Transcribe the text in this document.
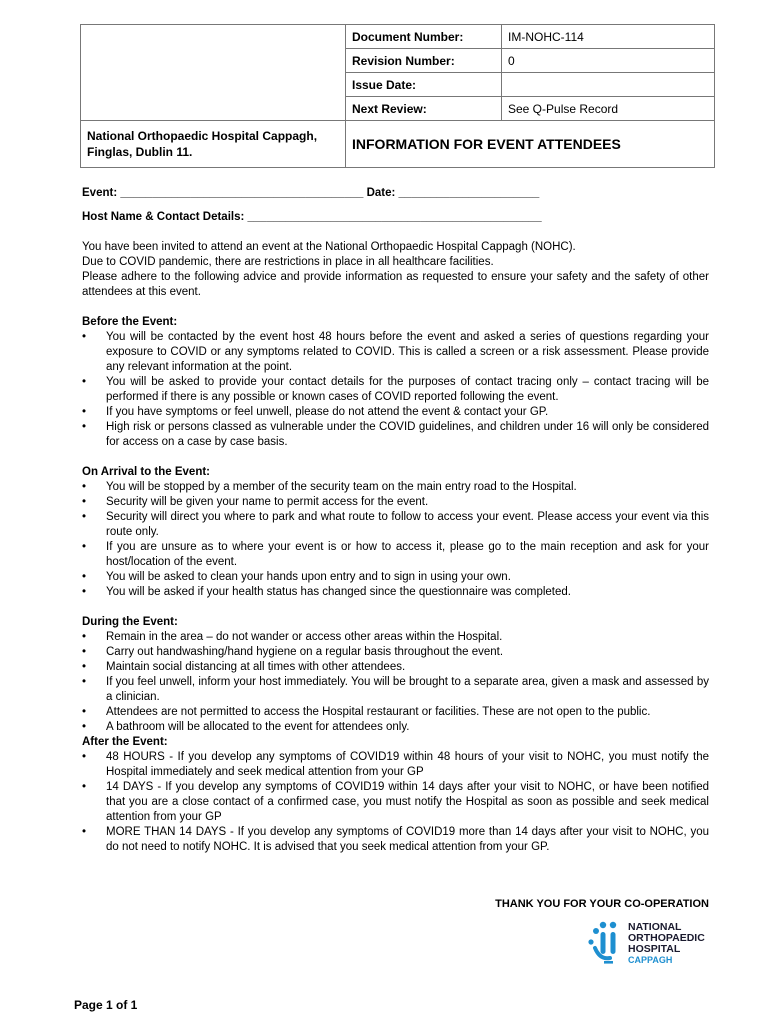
	Document Number:	IM-NOHC-114
	Revision Number:	0
	Issue Date:	
	Next Review:	See Q-Pulse Record
National Orthopaedic Hospital Cappagh, Finglas, Dublin 11.	INFORMATION FOR EVENT ATTENDEES	
Event: ______________________________________ Date: ______________________
Host Name & Contact Details: ______________________________________________

You have been invited to attend an event at the National Orthopaedic Hospital Cappagh (NOHC).

Due to COVID pandemic, there are restrictions in place in all healthcare facilities.

Please adhere to the following advice and provide information as requested to ensure your safety and the safety of other attendees at this event.

Before the Event:
• You will be contacted by the event host 48 hours before the event and asked a series of questions regarding your exposure to COVID or any symptoms related to COVID. This is called a screen or a risk assessment. Please provide any relevant information at the point.
• You will be asked to provide your contact details for the purposes of contact tracing only – contact tracing will be performed if there is any possible or known cases of COVID reported following the event.
• If you have symptoms or feel unwell, please do not attend the event & contact your GP.
• High risk or persons classed as vulnerable under the COVID guidelines, and children under 16 will only be considered for access on a case by case basis.
On Arrival to the Event:
• You will be stopped by a member of the security team on the main entry road to the Hospital.
• Security will be given your name to permit access for the event.
• Security will direct you where to park and what route to follow to access your event. Please access your event via this route only.
• If you are unsure as to where your event is or how to access it, please go to the main reception and ask for your host/location of the event.
• You will be asked to clean your hands upon entry and to sign in using your own.
• You will be asked if your health status has changed since the questionnaire was completed.
During the Event:
• Remain in the area – do not wander or access other areas within the Hospital.
• Carry out handwashing/hand hygiene on a regular basis throughout the event.
• Maintain social distancing at all times with other attendees.
• If you feel unwell, inform your host immediately. You will be brought to a separate area, given a mask and assessed by a clinician.
• Attendees are not permitted to access the Hospital restaurant or facilities. These are not open to the public.
• A bathroom will be allocated to the event for attendees only.
After the Event:
• 48 HOURS - If you develop any symptoms of COVID19 within 48 hours of your visit to NOHC, you must notify the Hospital immediately and seek medical attention from your GP
• 14 DAYS - If you develop any symptoms of COVID19 within 14 days after your visit to NOHC, or have been notified that you are a close contact of a confirmed case, you must notify the Hospital as soon as possible and seek medical attention from your GP
• MORE THAN 14 DAYS - If you develop any symptoms of COVID19 more than 14 days after your visit to NOHC, you do not need to notify NOHC. It is advised that you seek medical attention from your GP.
THANK YOU FOR YOUR CO-OPERATION
NATIONAL
ORTHOPAEDIC
HOSPITAL
CAPPAGH
Page 1 of 1
